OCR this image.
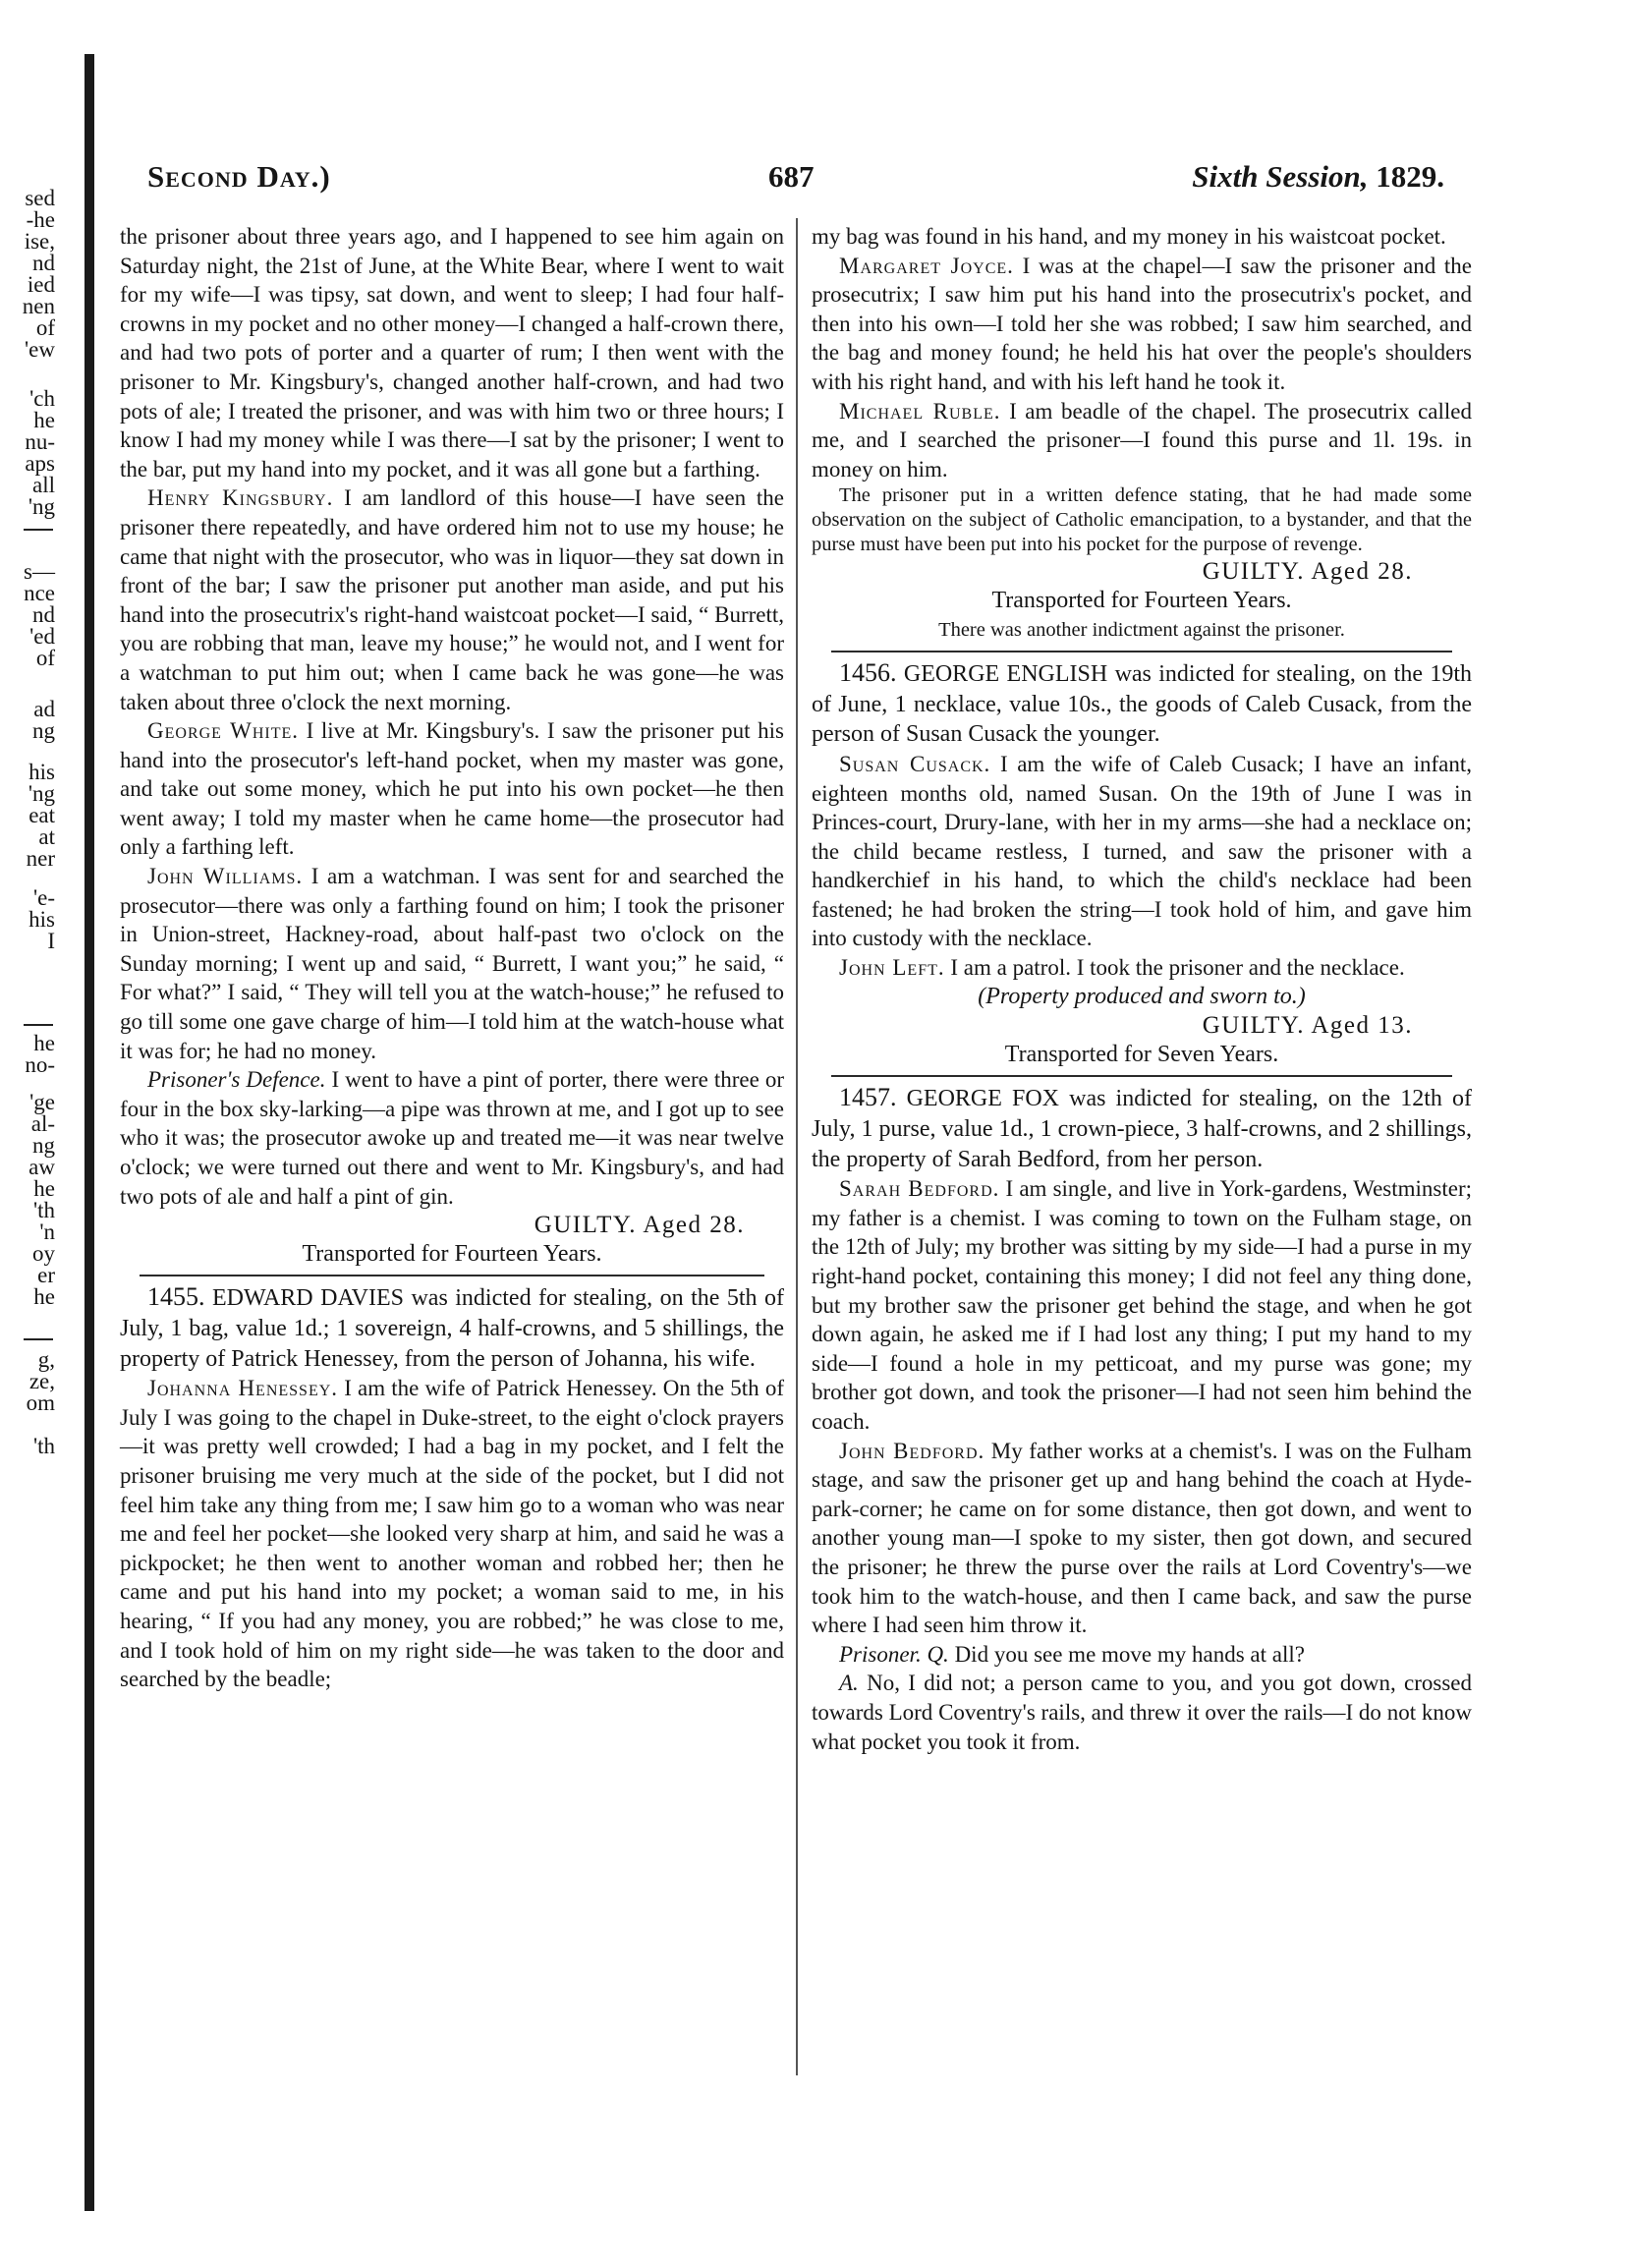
sed
-he
ise,
nd
ied
nen
of
'ew
'ch
he
nu-
aps
all
'ng
s—
nce
nd
'ed
of
ad
ng
his
'ng
eat
at
ner
'e-
his
I
he
no-
'ge
al-
ng
aw
he
'th
'n
oy
er
he
g,
ze,
om
'th
Second Day.)	687	Sixth Session, 1829.

the prisoner about three years ago, and I happened to see him again on Saturday night, the 21st of June, at the White Bear, where I went to wait for my wife—I was tipsy, sat down, and went to sleep; I had four half-crowns in my pocket and no other money—I changed a half-crown there, and had two pots of porter and a quarter of rum; I then went with the prisoner to Mr. Kingsbury's, changed another half-crown, and had two pots of ale; I treated the prisoner, and was with him two or three hours; I know I had my money while I was there—I sat by the prisoner; I went to the bar, put my hand into my pocket, and it was all gone but a farthing.

Henry Kingsbury. I am landlord of this house—I have seen the prisoner there repeatedly, and have ordered him not to use my house; he came that night with the prosecutor, who was in liquor—they sat down in front of the bar; I saw the prisoner put another man aside, and put his hand into the prosecutrix's right-hand waistcoat pocket—I said, “ Burrett, you are robbing that man, leave my house;” he would not, and I went for a watchman to put him out; when I came back he was gone—he was taken about three o'clock the next morning.

George White. I live at Mr. Kingsbury's. I saw the prisoner put his hand into the prosecutor's left-hand pocket, when my master was gone, and take out some money, which he put into his own pocket—he then went away; I told my master when he came home—the prosecutor had only a farthing left.

John Williams. I am a watchman. I was sent for and searched the prosecutor—there was only a farthing found on him; I took the prisoner in Union-street, Hackney-road, about half-past two o'clock on the Sunday morning; I went up and said, “ Burrett, I want you;” he said, “ For what?” I said, “ They will tell you at the watch-house;” he refused to go till some one gave charge of him—I told him at the watch-house what it was for; he had no money.

Prisoner's Defence. I went to have a pint of porter, there were three or four in the box sky-larking—a pipe was thrown at me, and I got up to see who it was; the prosecutor awoke up and treated me—it was near twelve o'clock; we were turned out there and went to Mr. Kingsbury's, and had two pots of ale and half a pint of gin.

GUILTY. Aged 28.

Transported for Fourteen Years.

1455. EDWARD DAVIES was indicted for stealing, on the 5th of July, 1 bag, value 1d.; 1 sovereign, 4 half-crowns, and 5 shillings, the property of Patrick Henessey, from the person of Johanna, his wife.

Johanna Henessey. I am the wife of Patrick Henessey. On the 5th of July I was going to the chapel in Duke-street, to the eight o'clock prayers—it was pretty well crowded; I had a bag in my pocket, and I felt the prisoner bruising me very much at the side of the pocket, but I did not feel him take any thing from me; I saw him go to a woman who was near me and feel her pocket—she looked very sharp at him, and said he was a pickpocket; he then went to another woman and robbed her; then he came and put his hand into my pocket; a woman said to me, in his hearing, “ If you had any money, you are robbed;” he was close to me, and I took hold of him on my right side—he was taken to the door and searched by the beadle;

my bag was found in his hand, and my money in his waistcoat pocket.

Margaret Joyce. I was at the chapel—I saw the prisoner and the prosecutrix; I saw him put his hand into the prosecutrix's pocket, and then into his own—I told her she was robbed; I saw him searched, and the bag and money found; he held his hat over the people's shoulders with his right hand, and with his left hand he took it.

Michael Ruble. I am beadle of the chapel. The prosecutrix called me, and I searched the prisoner—I found this purse and 1l. 19s. in money on him.

The prisoner put in a written defence stating, that he had made some observation on the subject of Catholic emancipation, to a bystander, and that the purse must have been put into his pocket for the purpose of revenge.

GUILTY. Aged 28.

Transported for Fourteen Years.

There was another indictment against the prisoner.

1456. GEORGE ENGLISH was indicted for stealing, on the 19th of June, 1 necklace, value 10s., the goods of Caleb Cusack, from the person of Susan Cusack the younger.

Susan Cusack. I am the wife of Caleb Cusack; I have an infant, eighteen months old, named Susan. On the 19th of June I was in Princes-court, Drury-lane, with her in my arms—she had a necklace on; the child became restless, I turned, and saw the prisoner with a handkerchief in his hand, to which the child's necklace had been fastened; he had broken the string—I took hold of him, and gave him into custody with the necklace.

John Left. I am a patrol. I took the prisoner and the necklace.

(Property produced and sworn to.)

GUILTY. Aged 13.

Transported for Seven Years.

1457. GEORGE FOX was indicted for stealing, on the 12th of July, 1 purse, value 1d., 1 crown-piece, 3 half-crowns, and 2 shillings, the property of Sarah Bedford, from her person.

Sarah Bedford. I am single, and live in York-gardens, Westminster; my father is a chemist. I was coming to town on the Fulham stage, on the 12th of July; my brother was sitting by my side—I had a purse in my right-hand pocket, containing this money; I did not feel any thing done, but my brother saw the prisoner get behind the stage, and when he got down again, he asked me if I had lost any thing; I put my hand to my side—I found a hole in my petticoat, and my purse was gone; my brother got down, and took the prisoner—I had not seen him behind the coach.

John Bedford. My father works at a chemist's. I was on the Fulham stage, and saw the prisoner get up and hang behind the coach at Hyde-park-corner; he came on for some distance, then got down, and went to another young man—I spoke to my sister, then got down, and secured the prisoner; he threw the purse over the rails at Lord Coventry's—we took him to the watch-house, and then I came back, and saw the purse where I had seen him throw it.

Prisoner. Q. Did you see me move my hands at all?

A. No, I did not; a person came to you, and you got down, crossed towards Lord Coventry's rails, and threw it over the rails—I do not know what pocket you took it from.
